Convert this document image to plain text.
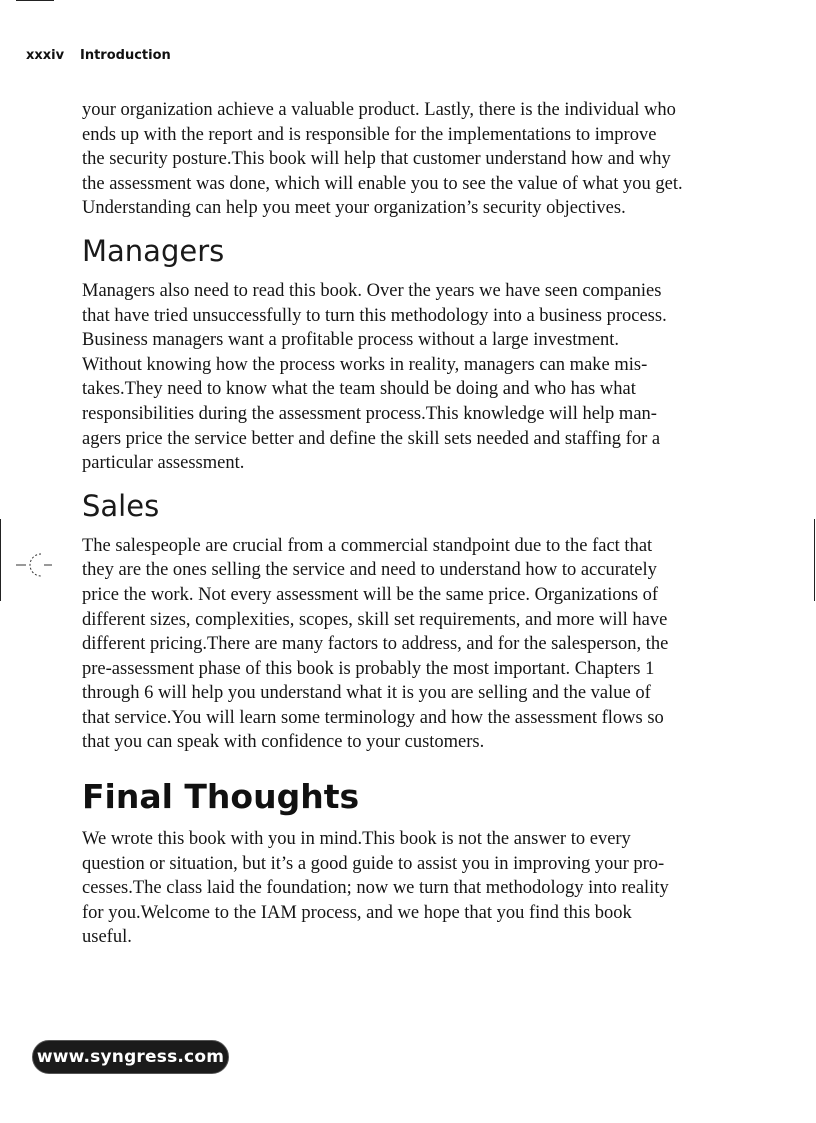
xxxiv Introduction

your organization achieve a valuable product. Lastly, there is the individual who
ends up with the report and is responsible for the implementations to improve
the security posture.This book will help that customer understand how and why
the assessment was done, which will enable you to see the value of what you get.
Understanding can help you meet your organization’s security objectives.

Managers

Managers also need to read this book. Over the years we have seen companies
that have tried unsuccessfully to turn this methodology into a business process.
Business managers want a profitable process without a large investment.
Without knowing how the process works in reality, managers can make mis-
takes.They need to know what the team should be doing and who has what
responsibilities during the assessment process.This knowledge will help man-
agers price the service better and define the skill sets needed and staffing for a
particular assessment.

Sales

The salespeople are crucial from a commercial standpoint due to the fact that
they are the ones selling the service and need to understand how to accurately
price the work. Not every assessment will be the same price. Organizations of
different sizes, complexities, scopes, skill set requirements, and more will have
different pricing.There are many factors to address, and for the salesperson, the
pre-assessment phase of this book is probably the most important. Chapters 1
through 6 will help you understand what it is you are selling and the value of
that service.You will learn some terminology and how the assessment flows so
that you can speak with confidence to your customers.

Final Thoughts

We wrote this book with you in mind.This book is not the answer to every
question or situation, but it’s a good guide to assist you in improving your pro-
cesses.The class laid the foundation; now we turn that methodology into reality
for you.Welcome to the IAM process, and we hope that you find this book
useful.

www.syngress.com
